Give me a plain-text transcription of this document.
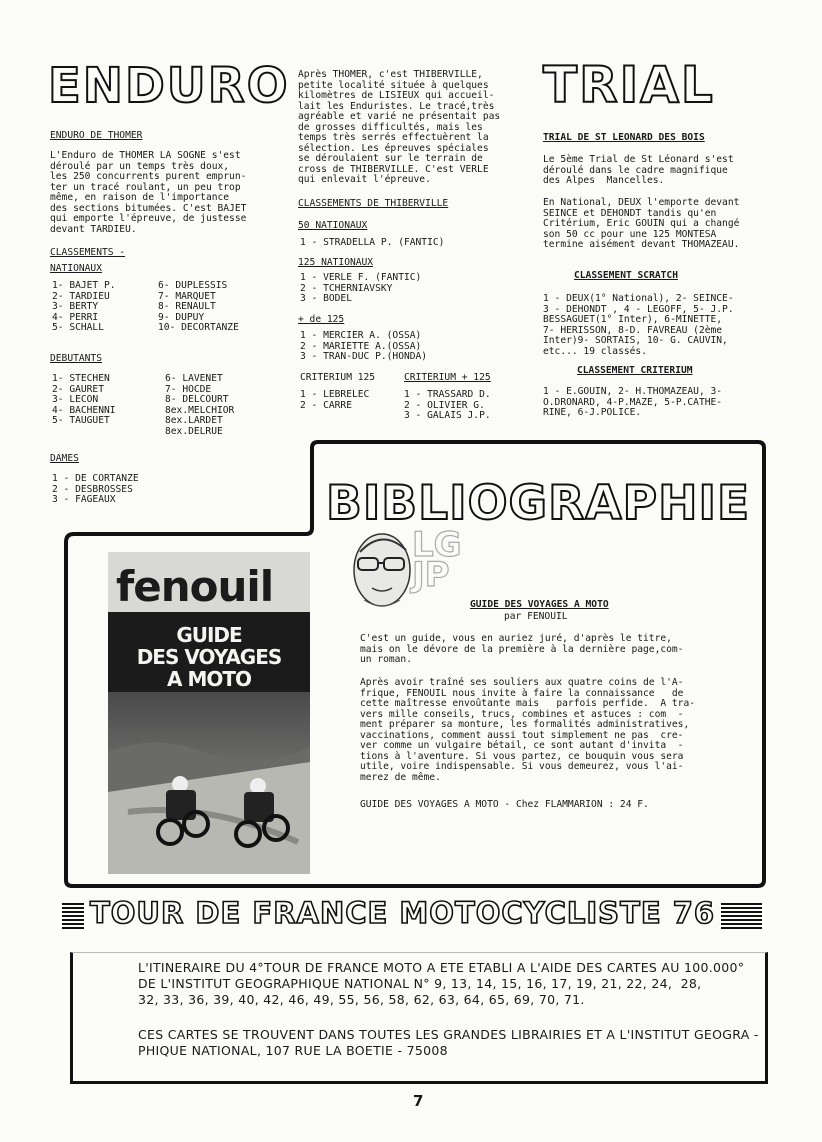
ENDURO
ENDURO DE THOMER
L'Enduro de THOMER LA SOGNE s'est
déroulé par un temps très doux,
les 250 concurrents purent emprun-
ter un tracé roulant, un peu trop
même, en raison de l'importance
des sections bitumées. C'est BAJET
qui emporte l'épreuve, de justesse
devant TARDIEU.
CLASSEMENTS -
NATIONAUX
1- BAJET P.
2- TARDIEU
3- BERTY
4- PERRI
5- SCHALL
6- DUPLESSIS
7- MARQUET
8- RENAULT
9- DUPUY
10- DECORTANZE
DEBUTANTS
1- STECHEN
2- GAURET
3- LECON
4- BACHENNI
5- TAUGUET
6- LAVENET
7- HOCDE
8- DELCOURT
8ex.MELCHIOR
8ex.LARDET
8ex.DELRUE
DAMES
1 - DE CORTANZE
2 - DESBROSSES
3 - FAGEAUX
Après THOMER, c'est THIBERVILLE,
petite localité située à quelques
kilomètres de LISIEUX qui accueil-
lait les Enduristes. Le tracé,très
agréable et varié ne présentait pas
de grosses difficultés, mais les
temps très serrés effectuèrent la
sélection. Les épreuves spéciales
se déroulaient sur le terrain de
cross de THIBERVILLE. C'est VERLE
qui enlevait l'épreuve.
CLASSEMENTS DE THIBERVILLE
50 NATIONAUX
1 - STRADELLA P. (FANTIC)
125 NATIONAUX
1 - VERLE F. (FANTIC)
2 - TCHERNIAVSKY
3 - BODEL
+ de 125
1 - MERCIER A. (OSSA)
2 - MARIETTE A.(OSSA)
3 - TRAN-DUC P.(HONDA)
CRITERIUM 125
1 - LEBRELEC
2 - CARRE
CRITERIUM + 125
1 - TRASSARD D.
2 - OLIVIER G.
3 - GALAIS J.P.
TRIAL
TRIAL DE ST LEONARD DES BOIS
Le 5ème Trial de St Léonard s'est
déroulé dans le cadre magnifique
des Alpes  Mancelles.
En National, DEUX l'emporte devant
SEINCE et DEHONDT tandis qu'en
Critérium, Eric GOUIN qui a changé
son 50 cc pour une 125 MONTESA
termine aisément devant THOMAZEAU.
CLASSEMENT SCRATCH
1 - DEUX(1° National), 2- SEINCE-
3 - DEHONDT , 4 - LEGOFF, 5- J.P.
BESSAGUET(1° Inter), 6-MINETTE,
7- HERISSON, 8-D. FAVREAU (2ème
Inter)9- SORTAIS, 10- G. CAUVIN,
etc... 19 classés.
CLASSEMENT CRITERIUM
1 - E.GOUIN, 2- H.THOMAZEAU, 3-
O.DRONARD, 4-P.MAZE, 5-P.CATHE-
RINE, 6-J.POLICE.
BIBLIOGRAPHIE
LG JP
fenouil
GUIDE
DES VOYAGES
A MOTO
GUIDE DES VOYAGES A MOTO
par FENOUIL
C'est un guide, vous en auriez juré, d'après le titre,
mais on le dévore de la première à la dernière page,com-
un roman.
Après avoir traîné ses souliers aux quatre coins de l'A-
frique, FENOUIL nous invite à faire la connaissance   de
cette maîtresse envoûtante mais   parfois perfide.  A tra-
vers mille conseils, trucs, combines et astuces : com  -
ment préparer sa monture, les formalités administratives,
vaccinations, comment aussi tout simplement ne pas  cre-
ver comme un vulgaire bétail, ce sont autant d'invita  -
tions à l'aventure. Si vous partez, ce bouquin vous sera
utile, voire indispensable. Si vous demeurez, vous l'ai-
merez de même.
GUIDE DES VOYAGES A MOTO - Chez FLAMMARION : 24 F.
TOUR DE FRANCE MOTOCYCLISTE 76
L'ITINERAIRE DU 4°TOUR DE FRANCE MOTO A ETE ETABLI A L'AIDE DES CARTES AU 100.000°
DE L'INSTITUT GEOGRAPHIQUE NATIONAL N° 9, 13, 14, 15, 16, 17, 19, 21, 22, 24,  28,
32, 33, 36, 39, 40, 42, 46, 49, 55, 56, 58, 62, 63, 64, 65, 69, 70, 71.
CES CARTES SE TROUVENT DANS TOUTES LES GRANDES LIBRAIRIES ET A L'INSTITUT GEOGRA -
PHIQUE NATIONAL, 107 RUE LA BOETIE - 75008
7
